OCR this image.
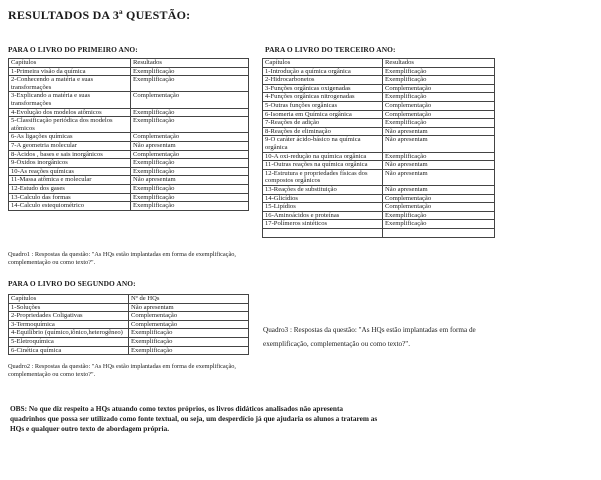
RESULTADOS DA 3ª QUESTÃO:
PARA O LIVRO DO PRIMEIRO ANO:
Capítulos	Resultados
1-Primeira visão da química	Exemplificação
2-Conhecendo a matéria e suas transformações	Exemplificação
3-Explicando a matéria e suas transformações	Complementação
4-Evolução dos modelos atômicos	Exemplificação
5-Classificação periódica dos modelos atômicos	Exemplificação
6-As ligações químicas	Complementação
7-A geometria molecular	Não apresentam
8-Ácidos , bases e sais inorgânicos	Complementação
9-Óxidos inorgânicos	Exemplificação
10-As reações químicas	Exemplificação
11-Massa atômica e molecular	Não apresentam
12-Estudo dos gases	Exemplificação
13-Calculo das formas	Exemplificação
14-Calculo estequiométrico	Exemplificação
Quadro1 : Respostas da questão: "As HQs estão implantadas em forma de exemplificação, complementação ou como texto?".
PARA O LIVRO DO SEGUNDO ANO:
Capítulos	Nº de HQs
1-Soluções	Não apresentam
2-Propriedades Coligativas	Complementação
3-Termoquímica	Complementação
4-Equilíbrio (químico,iônico,heterogêneo)	Exemplificação
5-Eletroquímica	Exemplificação
6-Cinética química	Exemplificação
Quadro2 : Respostas da questão: "As HQs estão implantadas em forma de exemplificação, complementação ou como texto?".
PARA O LIVRO DO TERCEIRO ANO:
Capítulos	Resultados
1-Introdução a química orgânica	Exemplificação
2-Hidrocarbonetos	Exemplificação
3-Funções orgânicas oxigenadas	Complementação
4-Funções orgânicas nitrogenadas	Exemplificação
5-Outras funções orgânicas	Complementação
6-Isomeria em Química orgânica	Complementação
7-Reações de adição	Exemplificação
8-Reações de eliminação	Não apresentam
9-O caráter ácido-básico na química orgânica	Não apresentam
10-A oxi-redução na química orgânica	Exemplificação
11-Outras reações na química orgânica	Não apresentam
12-Estrutura e propriedades físicas dos compostos orgânicos	Não apresentam
13-Reações de substituição	Não apresentam
14-Glicídios	Complementação
15-Lipídios	Complementação
16-Aminoácidos e proteínas	Exemplificação
17-Polímeros sintéticos	Exemplificação

Quadro3 : Respostas da questão: "As HQs estão implantadas em forma de exemplificação, complementação ou como texto?".
OBS: No que diz respeito a HQs atuando como textos próprios, os livros didáticos analisados não apresenta quadrinhos que possa ser utilizado como fonte textual, ou seja, um desperdício já que ajudaria os alunos a tratarem as HQs e qualquer outro texto de abordagem própria.
